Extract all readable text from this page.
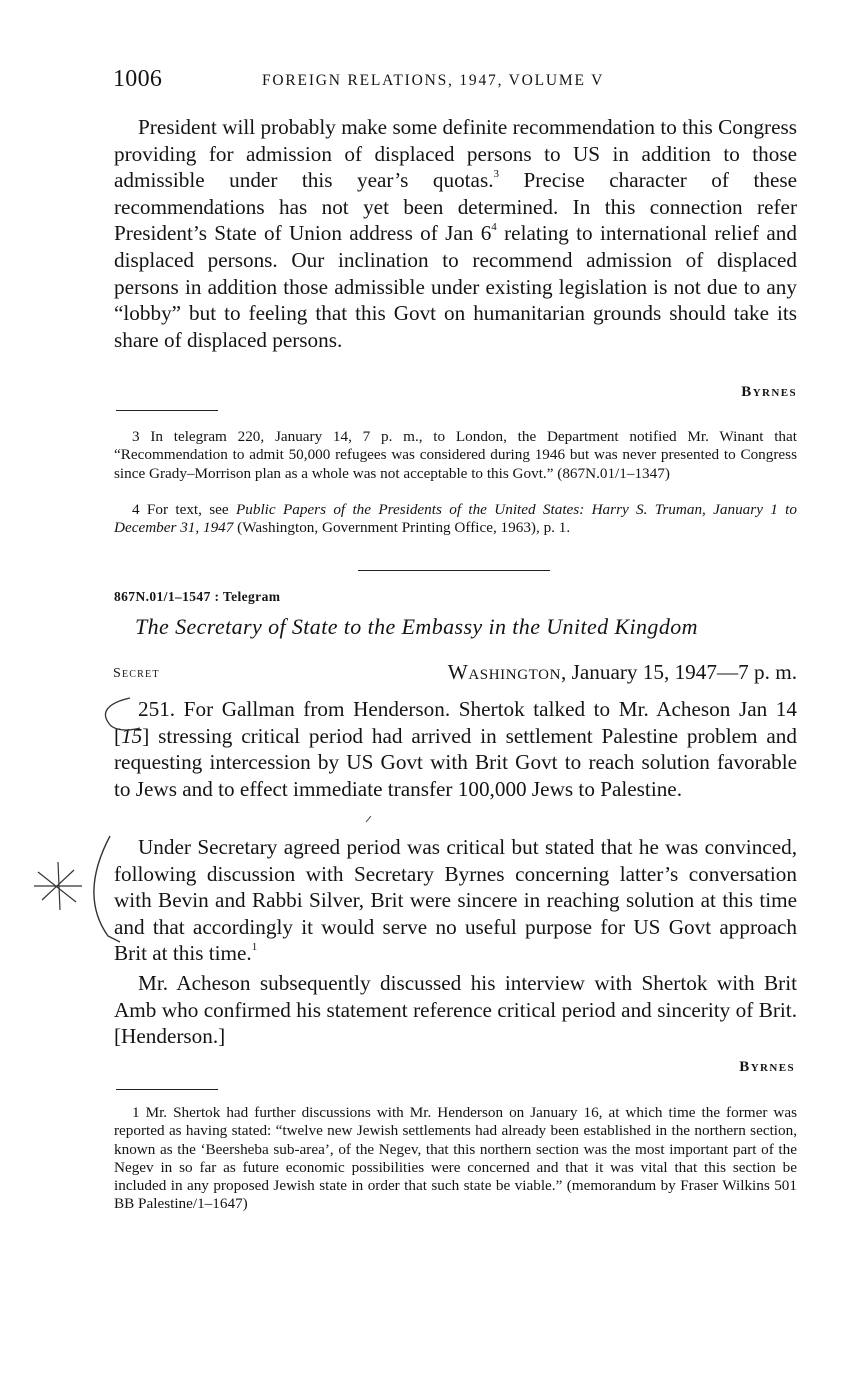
1006	FOREIGN RELATIONS, 1947, VOLUME V

President will probably make some definite recommendation to this Congress providing for admission of displaced persons to US in addition to those admissible under this year’s quotas.$^3$ Precise character of these recommendations has not yet been determined. In this connection refer President’s State of Union address of Jan $6^4$ relating to international relief and displaced persons. Our inclination to recommend admission of displaced persons in addition those admissible under existing legislation is not due to any “lobby” but to feeling that this Govt on humanitarian grounds should take its share of displaced persons.

Byrnes

3 In telegram 220, January 14, 7 p. m., to London, the Department notified Mr. Winant that “Recommendation to admit 50,000 refugees was considered during 1946 but was never presented to Congress since Grady–Morrison plan as a whole was not acceptable to this Govt.” (867N.01/1–1347)

4 For text, see Public Papers of the Presidents of the United States: Harry S. Truman, January 1 to December 31, 1947 (Washington, Government Printing Office, 1963), p. 1.

867N.01/1–1547 : Telegram
The Secretary of State to the Embassy in the United Kingdom
Secret	Washington, January 15, 1947—7 p. m.

251. For Gallman from Henderson. Shertok talked to Mr. Acheson Jan 14 [15] stressing critical period had arrived in settlement Palestine problem and requesting intercession by US Govt with Brit Govt to reach solution favorable to Jews and to effect immediate transfer 100,000 Jews to Palestine.

Under Secretary agreed period was critical but stated that he was convinced, following discussion with Secretary Byrnes concerning latter’s conversation with Bevin and Rabbi Silver, Brit were sincere in reaching solution at this time and that accordingly it would serve no useful purpose for US Govt approach Brit at this time.$^1$

Mr. Acheson subsequently discussed his interview with Shertok with Brit Amb who confirmed his statement reference critical period and sincerity of Brit. [Henderson.]

Byrnes

1 Mr. Shertok had further discussions with Mr. Henderson on January 16, at which time the former was reported as having stated: “twelve new Jewish settlements had already been established in the northern section, known as the ‘Beersheba sub-area’, of the Negev, that this northern section was the most important part of the Negev in so far as future economic possibilities were concerned and that it was vital that this section be included in any proposed Jewish state in order that such state be viable.” (memorandum by Fraser Wilkins 501 BB Palestine/1–1647)
